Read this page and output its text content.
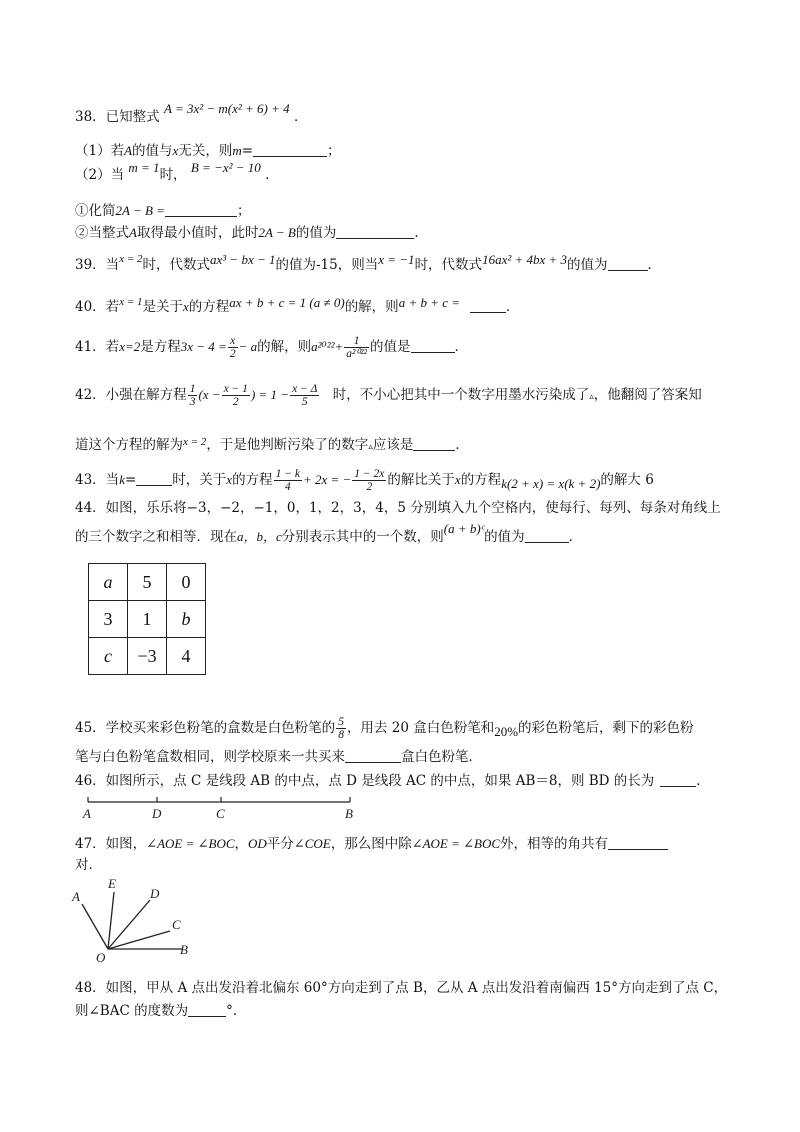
38．已知整式 A = 3x² − m(x² + 6) + 4 ．
（1）若A的值与x无关，则m=	；
（2）当 m = 1时， B = −x² − 10 ．
①化简2A − B =	；
②当整式A取得最小值时，此时2A − B的值为	．
39．当$^{x = 2}$时，代数式ax³ − bx − 1的值为-15，则当x = −1时，代数式16ax² + 4bx + 3的值为	．
40．若$^{x = 1}$是关于x的方程ax + b + c = 1 (a ≠ 0)的解，则a + b + c =	．
41．若x=2是方程$3x - 4 = \frac{x}{2} - a$的解，则$a^{2022}+ \frac{1}{\text{a²⁰²²}}$ 的值是	．
42．小强在解方程 $\frac{1}{3} (x - \frac{x - 1}{2}$ ) = $1 - \frac{x - \Delta}{5}$ 时，不小心把其中一个数字用墨水污染成了▵，他翻阅了答案知
道这个方程的解为$^{x = 2}$，于是他判断污染了的数字▵应该是	．
43．当k=	时，关于x的方程 $\frac{1 - k}{4} + 2x$ = − $\frac{1 - 2x}{2}$ 的解比关于x的方程k(2 + x) = x(k + 2)的解大 6
44．如图，乐乐将−3，−2，−1，0，1，2，3，4，5 分别填入九个空格内，使每行、每列、每条对角线上
的三个数字之和相等．现在a，b，c分别表示其中的一个数，则(a + b)ᶜ的值为	．
a	5	0
3	1	b
c	−3	4
45．学校买来彩色粉笔的盒数是白色粉笔的 $\frac{5}{8}$ ，用去 20 盒白色粉笔和20%的彩色粉笔后，剩下的彩色粉
笔与白色粉笔盒数相同，则学校原来一共买来	盒白色粉笔．
46．如图所示，点 C 是线段 AB 的中点，点 D 是线段 AC 的中点，如果 AB＝8，则 BD 的长为	．
A	D	C	B
47．如图，∠AOE = ∠BOC，OD平分∠COE，那么图中除∠AOE = ∠BOC外，相等的角共有
对．
A
E
D
C
B
O
48．如图，甲从 A 点出发沿着北偏东 60°方向走到了点 B，乙从 A 点出发沿着南偏西 15°方向走到了点 C，
则∠BAC 的度数为	°．
